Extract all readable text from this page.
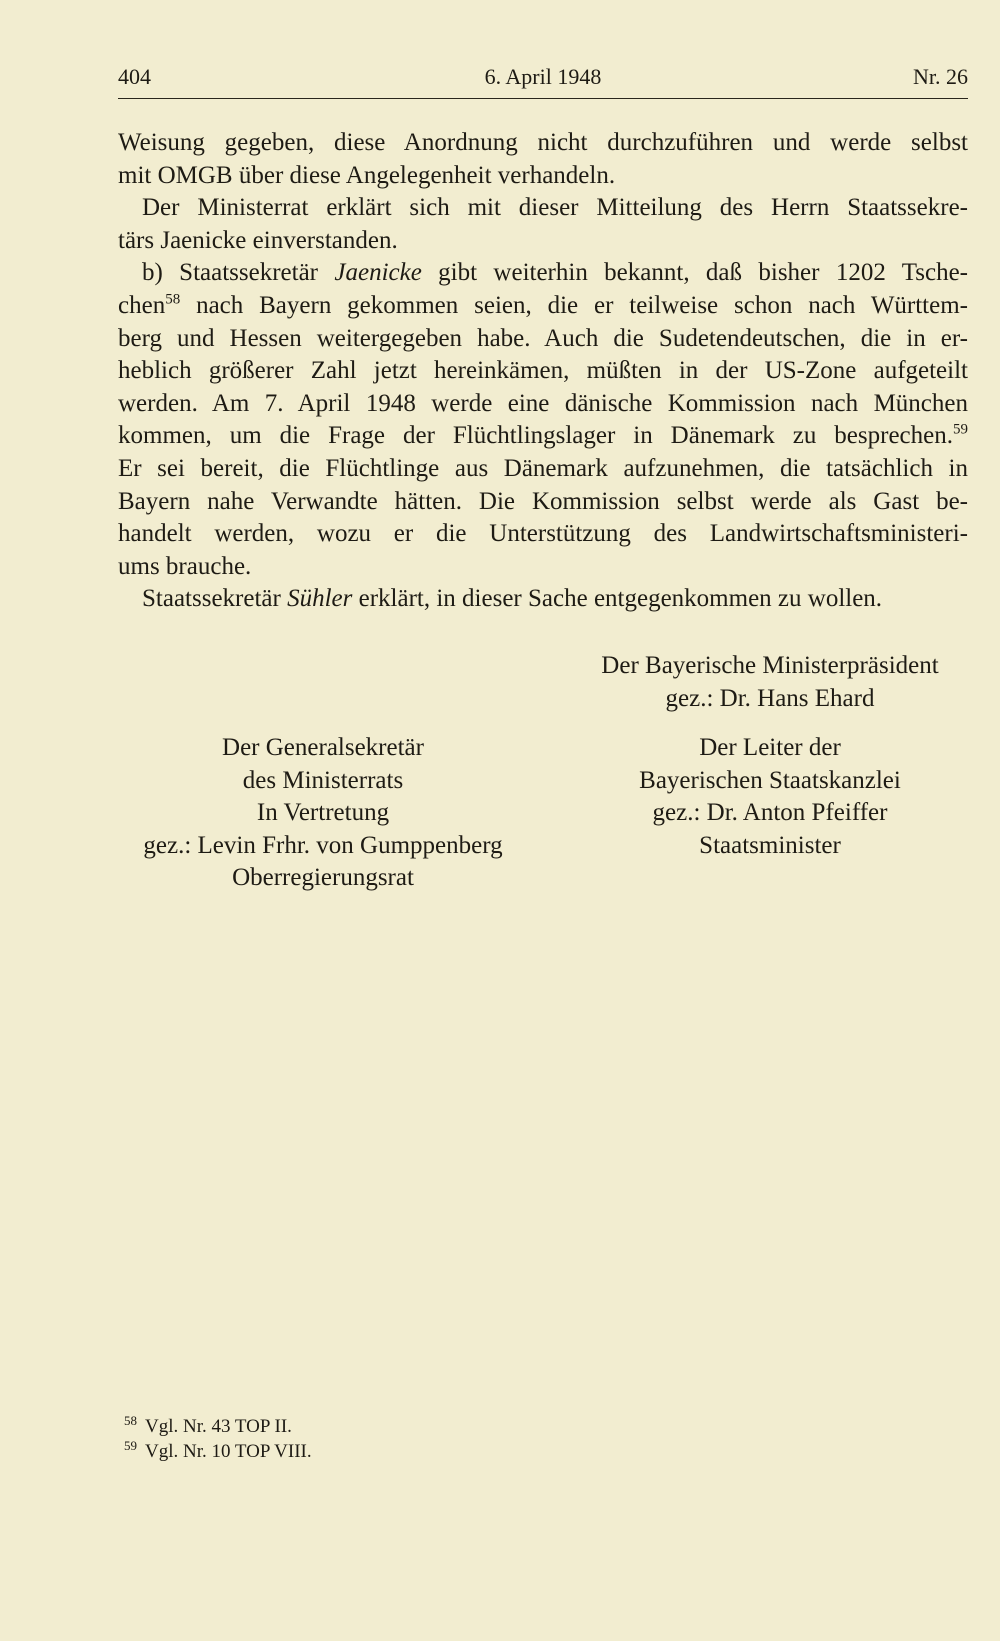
404	6. April 1948	Nr. 26
Weisung gegeben, diese Anordnung nicht durchzuführen und werde selbst
mit OMGB über diese Angelegenheit verhandeln.
Der Ministerrat erklärt sich mit dieser Mitteilung des Herrn Staatssekre-
tärs Jaenicke einverstanden.
b) Staatssekretär Jaenicke gibt weiterhin bekannt, daß bisher 1202 Tsche-
chen$^{58}$ nach Bayern gekommen seien, die er teilweise schon nach Württem-
berg und Hessen weitergegeben habe. Auch die Sudetendeutschen, die in er-
heblich größerer Zahl jetzt hereinkämen, müßten in der US-Zone aufgeteilt
werden. Am 7. April 1948 werde eine dänische Kommission nach München
kommen, um die Frage der Flüchtlingslager in Dänemark zu besprechen.$^{59}$
Er sei bereit, die Flüchtlinge aus Dänemark aufzunehmen, die tatsächlich in
Bayern nahe Verwandte hätten. Die Kommission selbst werde als Gast be-
handelt werden, wozu er die Unterstützung des Landwirtschaftsministeri-
ums brauche.
Staatssekretär Sühler erklärt, in dieser Sache entgegenkommen zu wollen.
Der Bayerische Ministerpräsident
gez.: Dr. Hans Ehard
Der Generalsekretär
des Ministerrats
In Vertretung
gez.: Levin Frhr. von Gumppenberg
Oberregierungsrat
Der Leiter der
Bayerischen Staatskanzlei
gez.: Dr. Anton Pfeiffer
Staatsminister
$^{58}$ Vgl. Nr. 43 TOP II.
$^{59}$ Vgl. Nr. 10 TOP VIII.
